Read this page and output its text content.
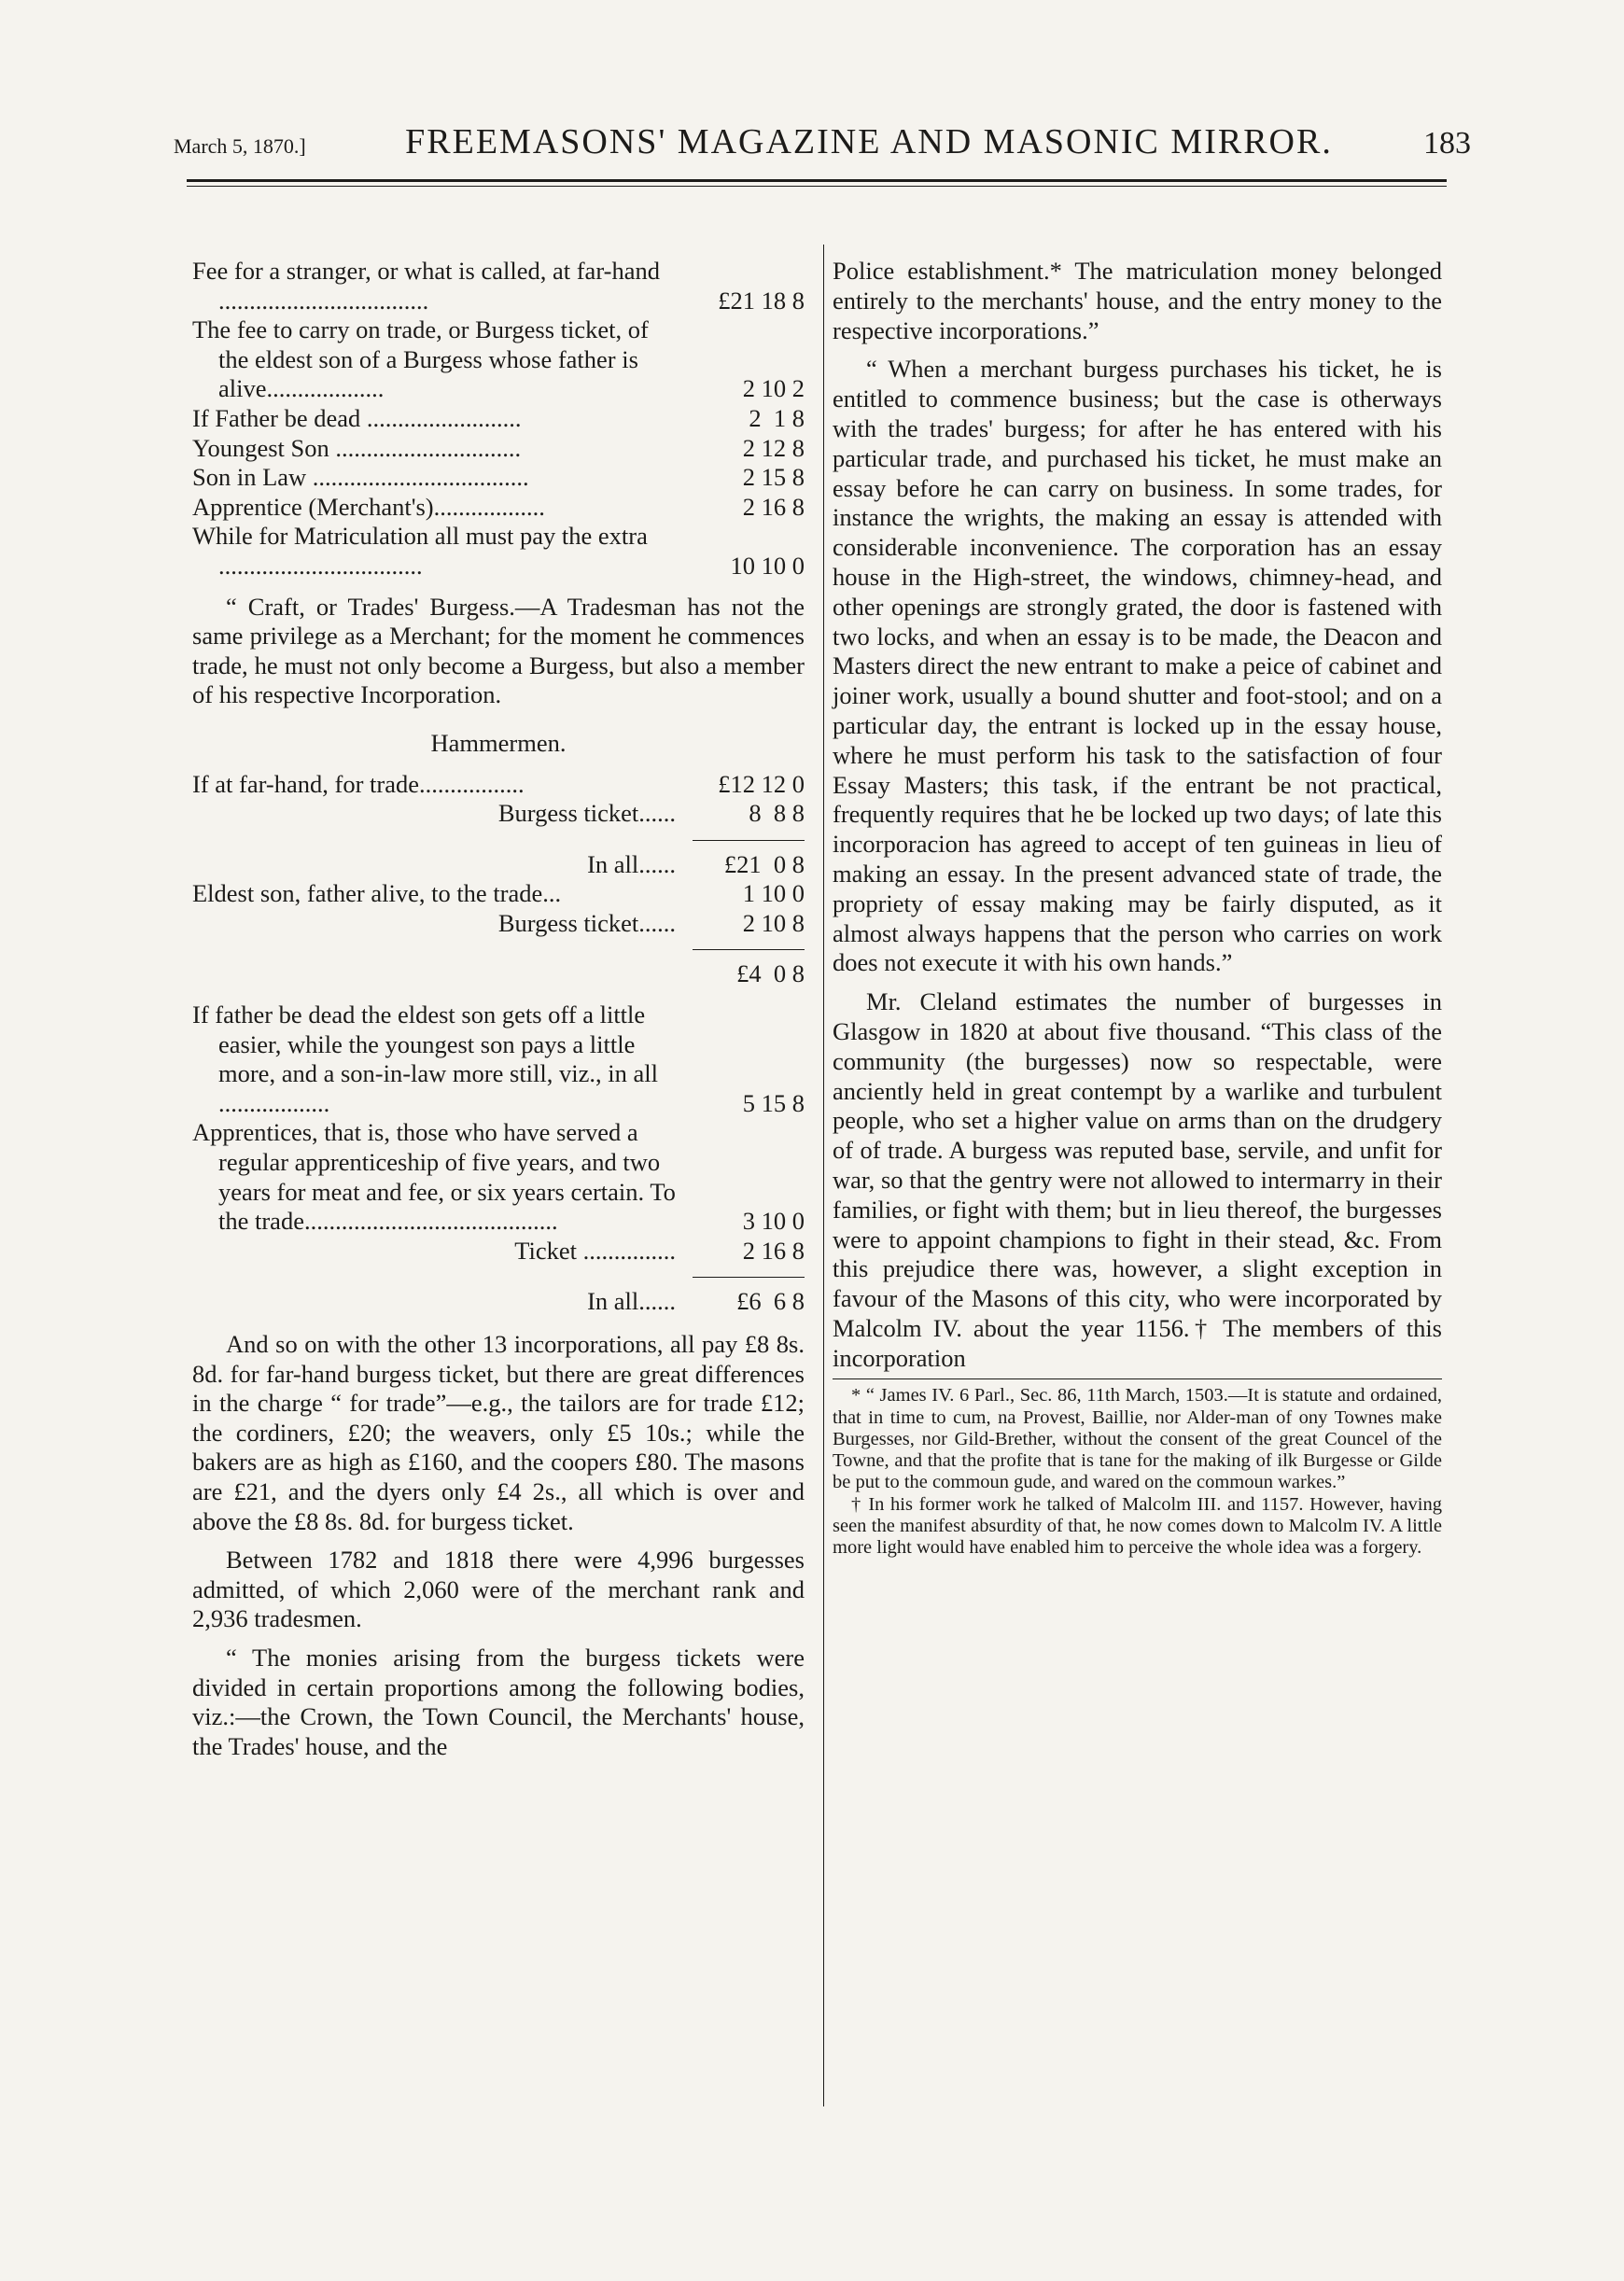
March 5, 1870.]	FREEMASONS' MAGAZINE AND MASONIC MIRROR.	183
Fee for a stranger, or what is called, at far-hand ..................................	£21 18 8
The fee to carry on trade, or Burgess ticket, of the eldest son of a Burgess whose father is alive...................	2 10 2
If Father be dead .........................	2  1 8
Youngest Son ..............................	2 12 8
Son in Law ...................................	2 15 8
Apprentice (Merchant's)..................	2 16 8
While for Matriculation all must pay the extra .................................	10 10 0

“ Craft, or Trades' Burgess.—A Tradesman has not the same privilege as a Merchant; for the moment he commences trade, he must not only become a Burgess, but also a member of his respective Incorporation.

Hammermen.
If at far-hand, for trade.................	£12 12 0
Burgess ticket......	8  8 8
In all......	£21  0 8
Eldest son, father alive, to the trade...	1 10 0
Burgess ticket......	2 10 8
£4  0 8
If father be dead the eldest son gets off a little easier, while the youngest son pays a little more, and a son-in-law more still, viz., in all ..................	5 15 8
Apprentices, that is, those who have served a regular apprenticeship of five years, and two years for meat and fee, or six years certain. To the trade.........................................	3 10 0
Ticket ...............	2 16 8
In all......	£6  6 8

And so on with the other 13 incorporations, all pay £8 8s. 8d. for far-hand burgess ticket, but there are great differences in the charge “ for trade”—e.g., the tailors are for trade £12; the cordiners, £20; the weavers, only £5 10s.; while the bakers are as high as £160, and the coopers £80. The masons are £21, and the dyers only £4 2s., all which is over and above the £8 8s. 8d. for burgess ticket.

Between 1782 and 1818 there were 4,996 burgesses admitted, of which 2,060 were of the merchant rank and 2,936 tradesmen.

“ The monies arising from the burgess tickets were divided in certain proportions among the following bodies, viz.:—the Crown, the Town Council, the Merchants' house, the Trades' house, and the

Police establishment.* The matriculation money belonged entirely to the merchants' house, and the entry money to the respective incorporations.”

“ When a merchant burgess purchases his ticket, he is entitled to commence business; but the case is otherways with the trades' burgess; for after he has entered with his particular trade, and purchased his ticket, he must make an essay before he can carry on business. In some trades, for instance the wrights, the making an essay is attended with considerable inconvenience. The corporation has an essay house in the High-street, the windows, chimney-head, and other openings are strongly grated, the door is fastened with two locks, and when an essay is to be made, the Deacon and Masters direct the new entrant to make a peice of cabinet and joiner work, usually a bound shutter and foot-stool; and on a particular day, the entrant is locked up in the essay house, where he must perform his task to the satisfaction of four Essay Masters; this task, if the entrant be not practical, frequently requires that he be locked up two days; of late this incorporacion has agreed to accept of ten guineas in lieu of making an essay. In the present advanced state of trade, the propriety of essay making may be fairly disputed, as it almost always happens that the person who carries on work does not execute it with his own hands.”

Mr. Cleland estimates the number of burgesses in Glasgow in 1820 at about five thousand. “This class of the community (the burgesses) now so respectable, were anciently held in great contempt by a warlike and turbulent people, who set a higher value on arms than on the drudgery of of trade. A burgess was reputed base, servile, and unfit for war, so that the gentry were not allowed to intermarry in their families, or fight with them; but in lieu thereof, the burgesses were to appoint champions to fight in their stead, &c. From this prejudice there was, however, a slight exception in favour of the Masons of this city, who were incorporated by Malcolm IV. about the year 1156.† The members of this incorporation

* “ James IV. 6 Parl., Sec. 86, 11th March, 1503.—It is statute and ordained, that in time to cum, na Provest, Baillie, nor Alder-man of ony Townes make Burgesses, nor Gild-Brether, without the consent of the great Councel of the Towne, and that the profite that is tane for the making of ilk Burgesse or Gilde be put to the commoun gude, and wared on the commoun warkes.”
† In his former work he talked of Malcolm III. and 1157. However, having seen the manifest absurdity of that, he now comes down to Malcolm IV. A little more light would have enabled him to perceive the whole idea was a forgery.
